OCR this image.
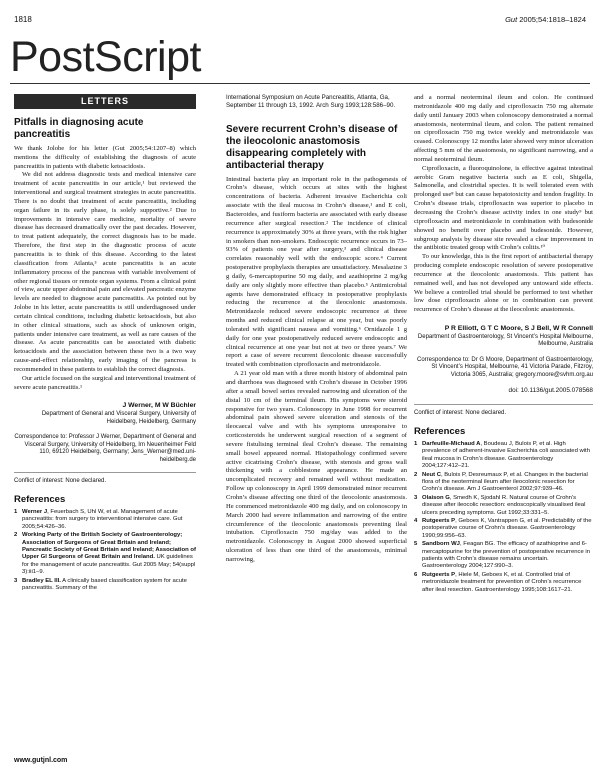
1818	Gut 2005;54:1818–1824
PostScript
LETTERS
Pitfalls in diagnosing acute pancreatitis

We thank Jolobe for his letter (Gut 2005;54:1207–8) which mentions the difficulty of establishing the diagnosis of acute pancreatitis in patients with diabetic ketoacidosis.

We did not address diagnostic tests and medical intensive care treatment of acute pancreatitis in our article,¹ but reviewed the interventional and surgical treatment strategies in acute pancreatitis. There is no doubt that treatment of acute pancreatitis, including organ failure in its early phase, is solely supportive.² Due to improvements in intensive care medicine, mortality of severe disease has decreased dramatically over the past decades. However, to treat patient adequately, the correct diagnosis has to be made. Therefore, the first step in the diagnostic process of acute pancreatitis is to think of this disease. According to the latest classification from Atlanta,³ acute pancreatitis is an acute inflammatory process of the pancreas with variable involvement of other regional tissues or remote organ systems. From a clinical point of view, acute upper abdominal pain and elevated pancreatic enzyme levels are needed to diagnose acute pancreatitis. As pointed out by Jolobe in his letter, acute pancreatitis is still underdiagnosed under certain clinical conditions, including diabetic ketoacidosis, but also in other clinical situations, such as shock of unknown origin, patients under intensive care treatment, as well as rare causes of the disease. As acute pancreatitis can be associated with diabetic ketoacidosis and the association between these two is a two way cause-and-effect relationship, early imaging of the pancreas is recommended in these patients to establish the correct diagnosis.

Our article focused on the surgical and interventional treatment of severe acute pancreatitis.¹

J Werner, M W Büchler
Department of General and Visceral Surgery, University of Heidelberg, Heidelberg, Germany
Correspondence to: Professor J Werner, Department of General and Visceral Surgery, University of Heidelberg, Im Neuenheimer Feld 110, 69120 Heidelberg, Germany; Jens_Werner@med.uni-heidelberg.de
Conflict of interest: None declared.
References
1 Werner J, Feuerbach S, Uhl W, et al. Management of acute pancreatitis: from surgery to interventional intensive care. Gut 2005;54:426–36.
2 Working Party of the British Society of Gastroenterology; Association of Surgeons of Great Britain and Ireland; Pancreatic Society of Great Britain and Ireland; Association of Upper GI Surgeons of Great Britain and Ireland. UK guidelines for the management of acute pancreatitis. Gut 2005 May; 54(suppl 3):iii1–9.
3 Bradley EL III. A clinically based classification system for acute pancreatitis. Summary of the
International Symposium on Acute Pancreatitis, Atlanta, Ga, September 11 through 13, 1992. Arch Surg 1993;128:586–90.
Severe recurrent Crohn’s disease of the ileocolonic anastomosis disappearing completely with antibacterial therapy

Intestinal bacteria play an important role in the pathogenesis of Crohn’s disease, which occurs at sites with the highest concentrations of bacteria. Adherent invasive Escherichia coli associate with the ileal mucosa in Crohn’s disease,¹ and E coli, Bacteroides, and fusiform bacteria are associated with early disease recurrence after surgical resection.² The incidence of clinical recurrence is approximately 30% at three years, with the risk higher in smokers than non-smokers. Endoscopic recurrence occurs in 73–93% of patients one year after surgery,³ and clinical disease correlates reasonably well with the endoscopic score.⁴ Current postoperative prophylaxis therapies are unsatisfactory. Mesalazine 3 g daily, 6-mercaptopurine 50 mg daily, and azathioprine 2 mg/kg daily are only slightly more effective than placebo.⁵ Antimicrobial agents have demonstrated efficacy in postoperative prophylaxis reducing the recurrence at the ileocolonic anastomosis. Metronidazole reduced severe endoscopic recurrence at three months and reduced clinical relapse at one year, but was poorly tolerated with significant nausea and vomiting.⁶ Ornidazole 1 g daily for one year postoperatively reduced severe endoscopic and clinical recurrence at one year but not at two or three years.⁷ We report a case of severe recurrent ileocolonic disease successfully treated with combination ciprofloxacin and metronidazole.

A 21 year old man with a three month history of abdominal pain and diarrhoea was diagnosed with Crohn’s disease in October 1996 after a small bowel series revealed narrowing and ulceration of the distal 10 cm of the terminal ileum. His symptoms were steroid responsive for two years. Colonoscopy in June 1998 for recurrent abdominal pain showed severe ulceration and stenosis of the ileocaecal valve and with his symptoms unresponsive to corticosteroids he underwent surgical resection of a segment of severe fistulising terminal ileal Crohn’s disease. The remaining small bowel appeared normal. Histopathology confirmed severe active cicatrising Crohn’s disease, with stenosis and gross wall thickening with a cobblestone appearance. He made an uncomplicated recovery and remained well without medication. Follow up colonoscopy in April 1999 demonstrated minor recurrent Crohn’s disease affecting one third of the ileocolonic anastomosis. He commenced metronidazole 400 mg daily, and on colonoscopy in March 2000 had severe inflammation and narrowing of the entire circumference of the ileocolonic anastomosis preventing ileal intubation. Ciprofloxacin 750 mg/day was added to the metronidazole. Colonoscopy in August 2000 showed superficial ulceration of less than one third of the anastomosis, minimal narrowing,

and a normal neoterminal ileum and colon. He continued metronidazole 400 mg daily and ciprofloxacin 750 mg alternate daily until January 2003 when colonoscopy demonstrated a normal anastomosis, neoterminal ileum, and colon. The patient remained on ciprofloxacin 750 mg twice weekly and metronidazole was ceased. Colonoscopy 12 months later showed very minor ulceration affecting 5 mm of the anastomosis, no significant narrowing, and a normal neoterminal ileum.

Ciprofloxacin, a fluoroquinolone, is effective against intestinal aerobic Gram negative bacteria such as E coli, Shigella, Salmonella, and clostridial species. It is well tolerated even with prolonged use⁸ but can cause hepatotoxicity and tendon fragility. In Crohn’s disease trials, ciprofloxacin was superior to placebo in decreasing the Crohn’s disease activity index in one study⁹ but ciprofloxacin and metronidazole in combination with budesonide showed no benefit over placebo and budesonide. However, subgroup analysis by disease site revealed a clear improvement in the antibiotic treated group with Crohn’s colitis.¹⁰

To our knowledge, this is the first report of antibacterial therapy producing complete endoscopic resolution of severe postoperative recurrence at the ileocolonic anastomosis. This patient has remained well, and has not developed any untoward side effects. We believe a controlled trial should be performed to test whether low dose ciprofloxacin alone or in combination can prevent recurrence of Crohn’s disease at the ileocolonic anastomosis.

P R Elliott, G T C Moore, S J Bell, W R Connell
Department of Gastroenterology, St Vincent’s Hospital Melbourne, Melbourne, Australia
Correspondence to: Dr G Moore, Department of Gastroenterology, St Vincent’s Hospital, Melbourne, 41 Victoria Parade, Fitzroy, Victoria 3065, Australia; gregory.moore@svhm.org.au
doi: 10.1136/gut.2005.078568
Conflict of interest: None declared.
References
1 Darfeuille-Michaud A, Boudeau J, Bulois P, et al. High prevalence of adherent-invasive Escherichia coli associated with ileal mucosa in Crohn’s disease. Gastroenterology 2004;127:412–21.
2 Neut C, Bulois P, Desreumaux P, et al. Changes in the bacterial flora of the neoterminal ileum after ileocolonic resection for Crohn’s disease. Am J Gastroenterol 2002;97:939–46.
3 Olaison G, Smedh K, Sjodahl R. Natural course of Crohn’s disease after ileocolic resection: endoscopically visualised ileal ulcers preceding symptoms. Gut 1992;33:331–5.
4 Rutgeerts P, Geboes K, Vantrappen G, et al. Predictability of the postoperative course of Crohn’s disease. Gastroenterology 1990;99:956–63.
5 Sandborn WJ, Feagan BG. The efficacy of azathioprine and 6-mercaptopurine for the prevention of postoperative recurrence in patients with Crohn’s disease remains uncertain. Gastroenterology 2004;127:990–3.
6 Rutgeerts P, Hiele M, Geboes K, et al. Controlled trial of metronidazole treatment for prevention of Crohn’s recurrence after ileal resection. Gastroenterology 1995;108:1617–21.
www.gutjnl.com
